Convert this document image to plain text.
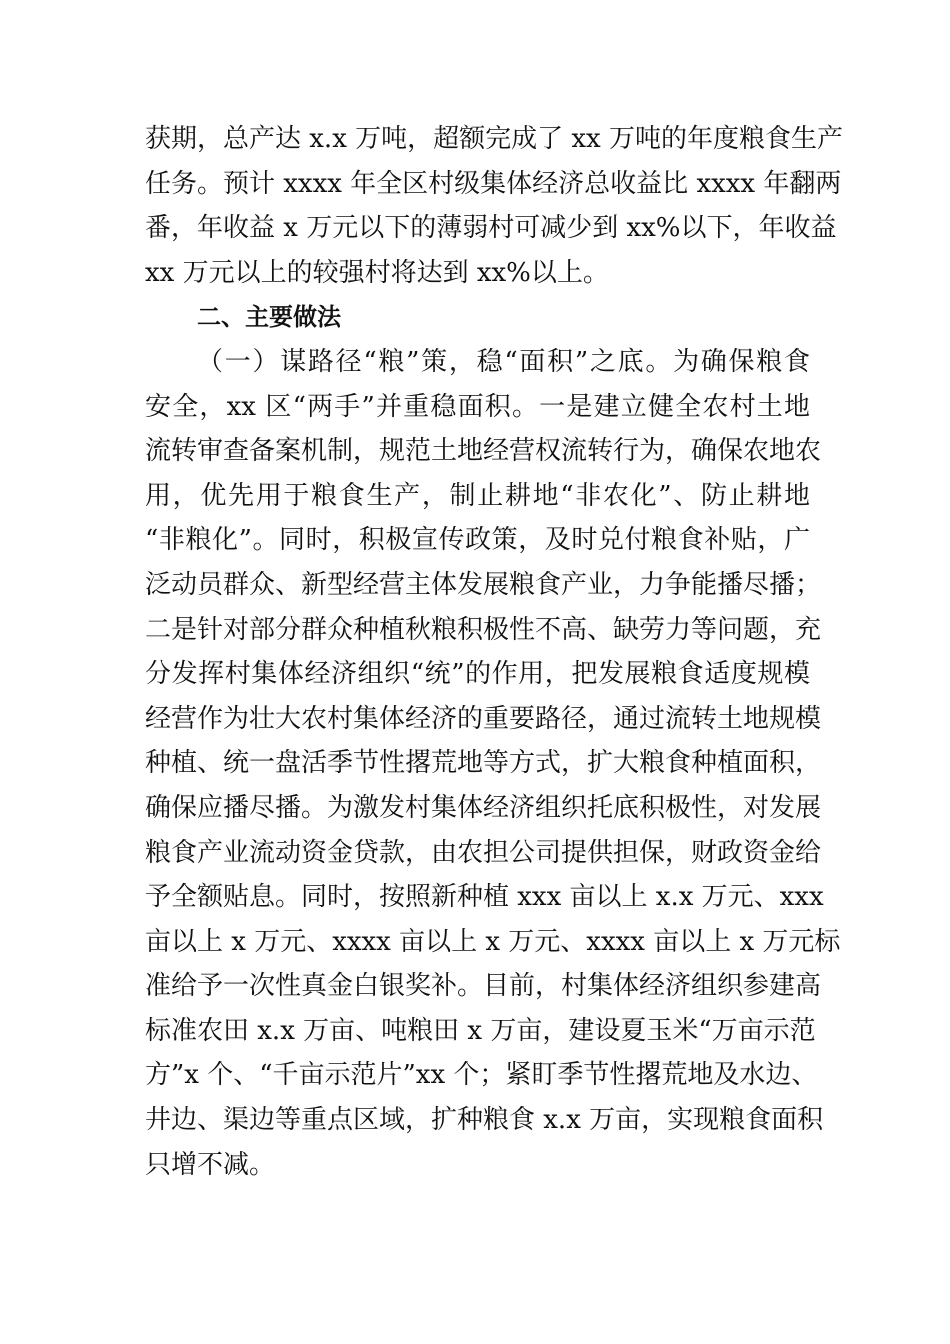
获期，总产达 x.x 万吨，超额完成了 xx 万吨的年度粮食生产
任务。预计 xxxx 年全区村级集体经济总收益比 xxxx 年翻两
番，年收益 x 万元以下的薄弱村可减少到 xx%以下，年收益
xx 万元以上的较强村将达到 xx%以上。
二、主要做法
（一）谋路径“粮”策，稳“面积”之底。为确保粮食
安全，xx 区“两手”并重稳面积。一是建立健全农村土地
流转审查备案机制，规范土地经营权流转行为，确保农地农
用，优先用于粮食生产，制止耕地“非农化”、防止耕地
“非粮化”。同时，积极宣传政策，及时兑付粮食补贴，广
泛动员群众、新型经营主体发展粮食产业，力争能播尽播；
二是针对部分群众种植秋粮积极性不高、缺劳力等问题，充
分发挥村集体经济组织“统”的作用，把发展粮食适度规模
经营作为壮大农村集体经济的重要路径，通过流转土地规模
种植、统一盘活季节性撂荒地等方式，扩大粮食种植面积，
确保应播尽播。为激发村集体经济组织托底积极性，对发展
粮食产业流动资金贷款，由农担公司提供担保，财政资金给
予全额贴息。同时，按照新种植 xxx 亩以上 x.x 万元、xxx
亩以上 x 万元、xxxx 亩以上 x 万元、xxxx 亩以上 x 万元标
准给予一次性真金白银奖补。目前，村集体经济组织参建高
标准农田 x.x 万亩、吨粮田 x 万亩，建设夏玉米“万亩示范
方”x 个、“千亩示范片”xx 个；紧盯季节性撂荒地及水边、
井边、渠边等重点区域，扩种粮食 x.x 万亩，实现粮食面积
只增不减。
